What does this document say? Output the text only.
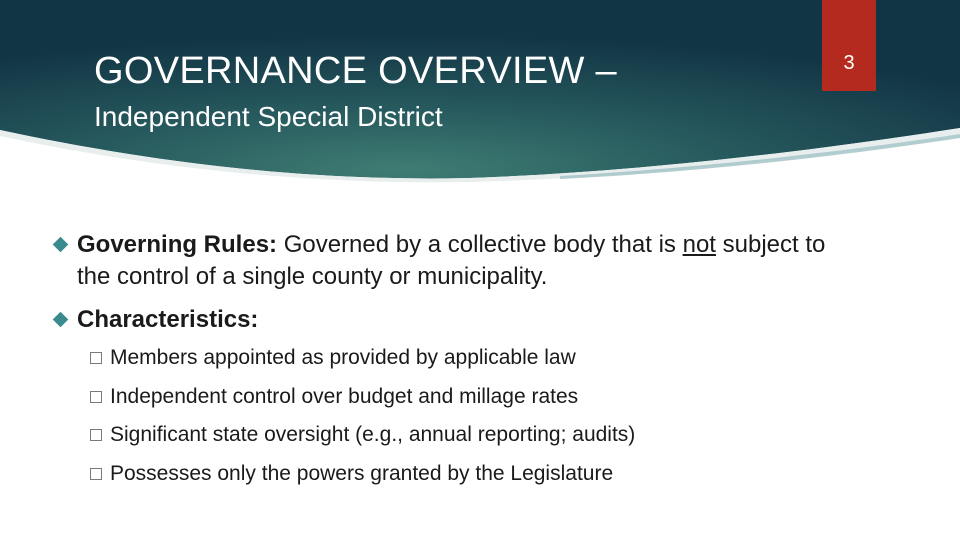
GOVERNANCE OVERVIEW –
Independent Special District
3
Governing Rules: Governed by a collective body that is not subject to
the control of a single county or municipality.
Characteristics:
Members appointed as provided by applicable law
Independent control over budget and millage rates
Significant state oversight (e.g., annual reporting; audits)
Possesses only the powers granted by the Legislature
